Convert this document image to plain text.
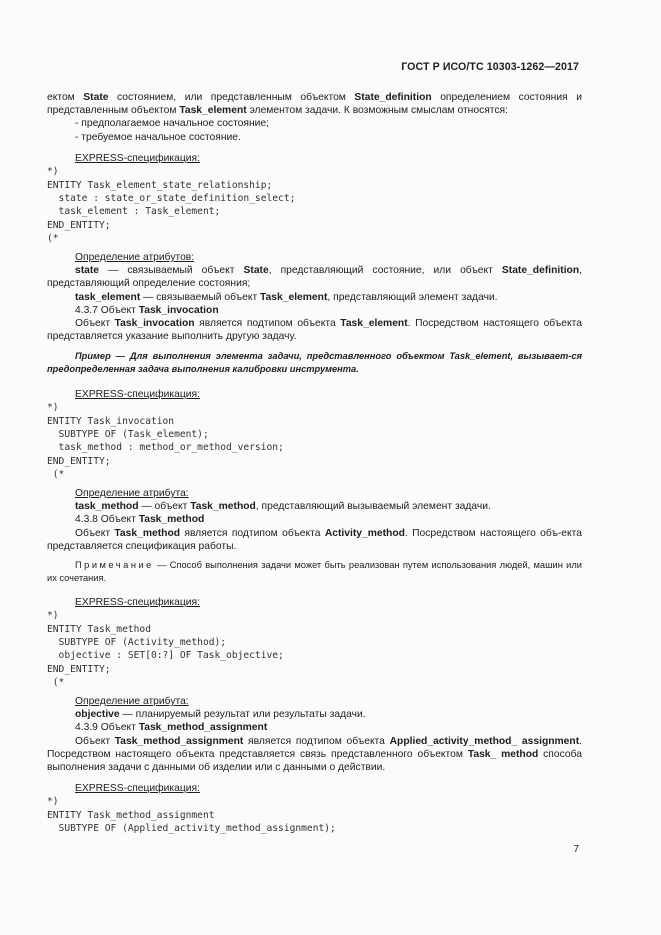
ГОСТ Р ИСО/ТС 10303-1262—2017

ектом State состоянием, или представленным объектом State_definition определением состояния и представленным объектом Task_element элементом задачи. К возможным смыслам относятся:

- предполагаемое начальное состояние;

- требуемое начальное состояние.

EXPRESS-спецификация:

*)

ENTITY Task_element_state_relationship;

state : state_or_state_definition_select;

task_element : Task_element;

END_ENTITY;

(*

Определение атрибутов:

state — связываемый объект State, представляющий состояние, или объект State_definition, представляющий определение состояния;

task_element — связываемый объект Task_element, представляющий элемент задачи.

4.3.7 Объект Task_invocation

Объект Task_invocation является подтипом объекта Task_element. Посредством настоящего объекта представляется указание выполнить другую задачу.

Пример — Для выполнения элемента задачи, представленного объектом Task_element, вызывает-ся предопределенная задача выполнения калибровки инструмента.

EXPRESS-спецификация:

*)

ENTITY Task_invocation

SUBTYPE OF (Task_element);

task_method : method_or_method_version;

END_ENTITY;

(*

Определение атрибута:

task_method — объект Task_method, представляющий вызываемый элемент задачи.

4.3.8 Объект Task_method

Объект Task_method является подтипом объекта Activity_method. Посредством настоящего объ-екта представляется спецификация работы.

Примечание — Способ выполнения задачи может быть реализован путем использования людей, машин или их сочетания.

EXPRESS-спецификация:

*)

ENTITY Task_method

SUBTYPE OF (Activity_method);

objective : SET[0:?] OF Task_objective;

END_ENTITY;

(*

Определение атрибута:

objective — планируемый результат или результаты задачи.

4.3.9 Объект Task_method_assignment

Объект Task_method_assignment является подтипом объекта Applied_activity_method_ assignment. Посредством настоящего объекта представляется связь представленного объектом Task_ method способа выполнения задачи с данными об изделии или с данными о действии.

EXPRESS-спецификация:

*)

ENTITY Task_method_assignment

SUBTYPE OF (Applied_activity_method_assignment);

7
